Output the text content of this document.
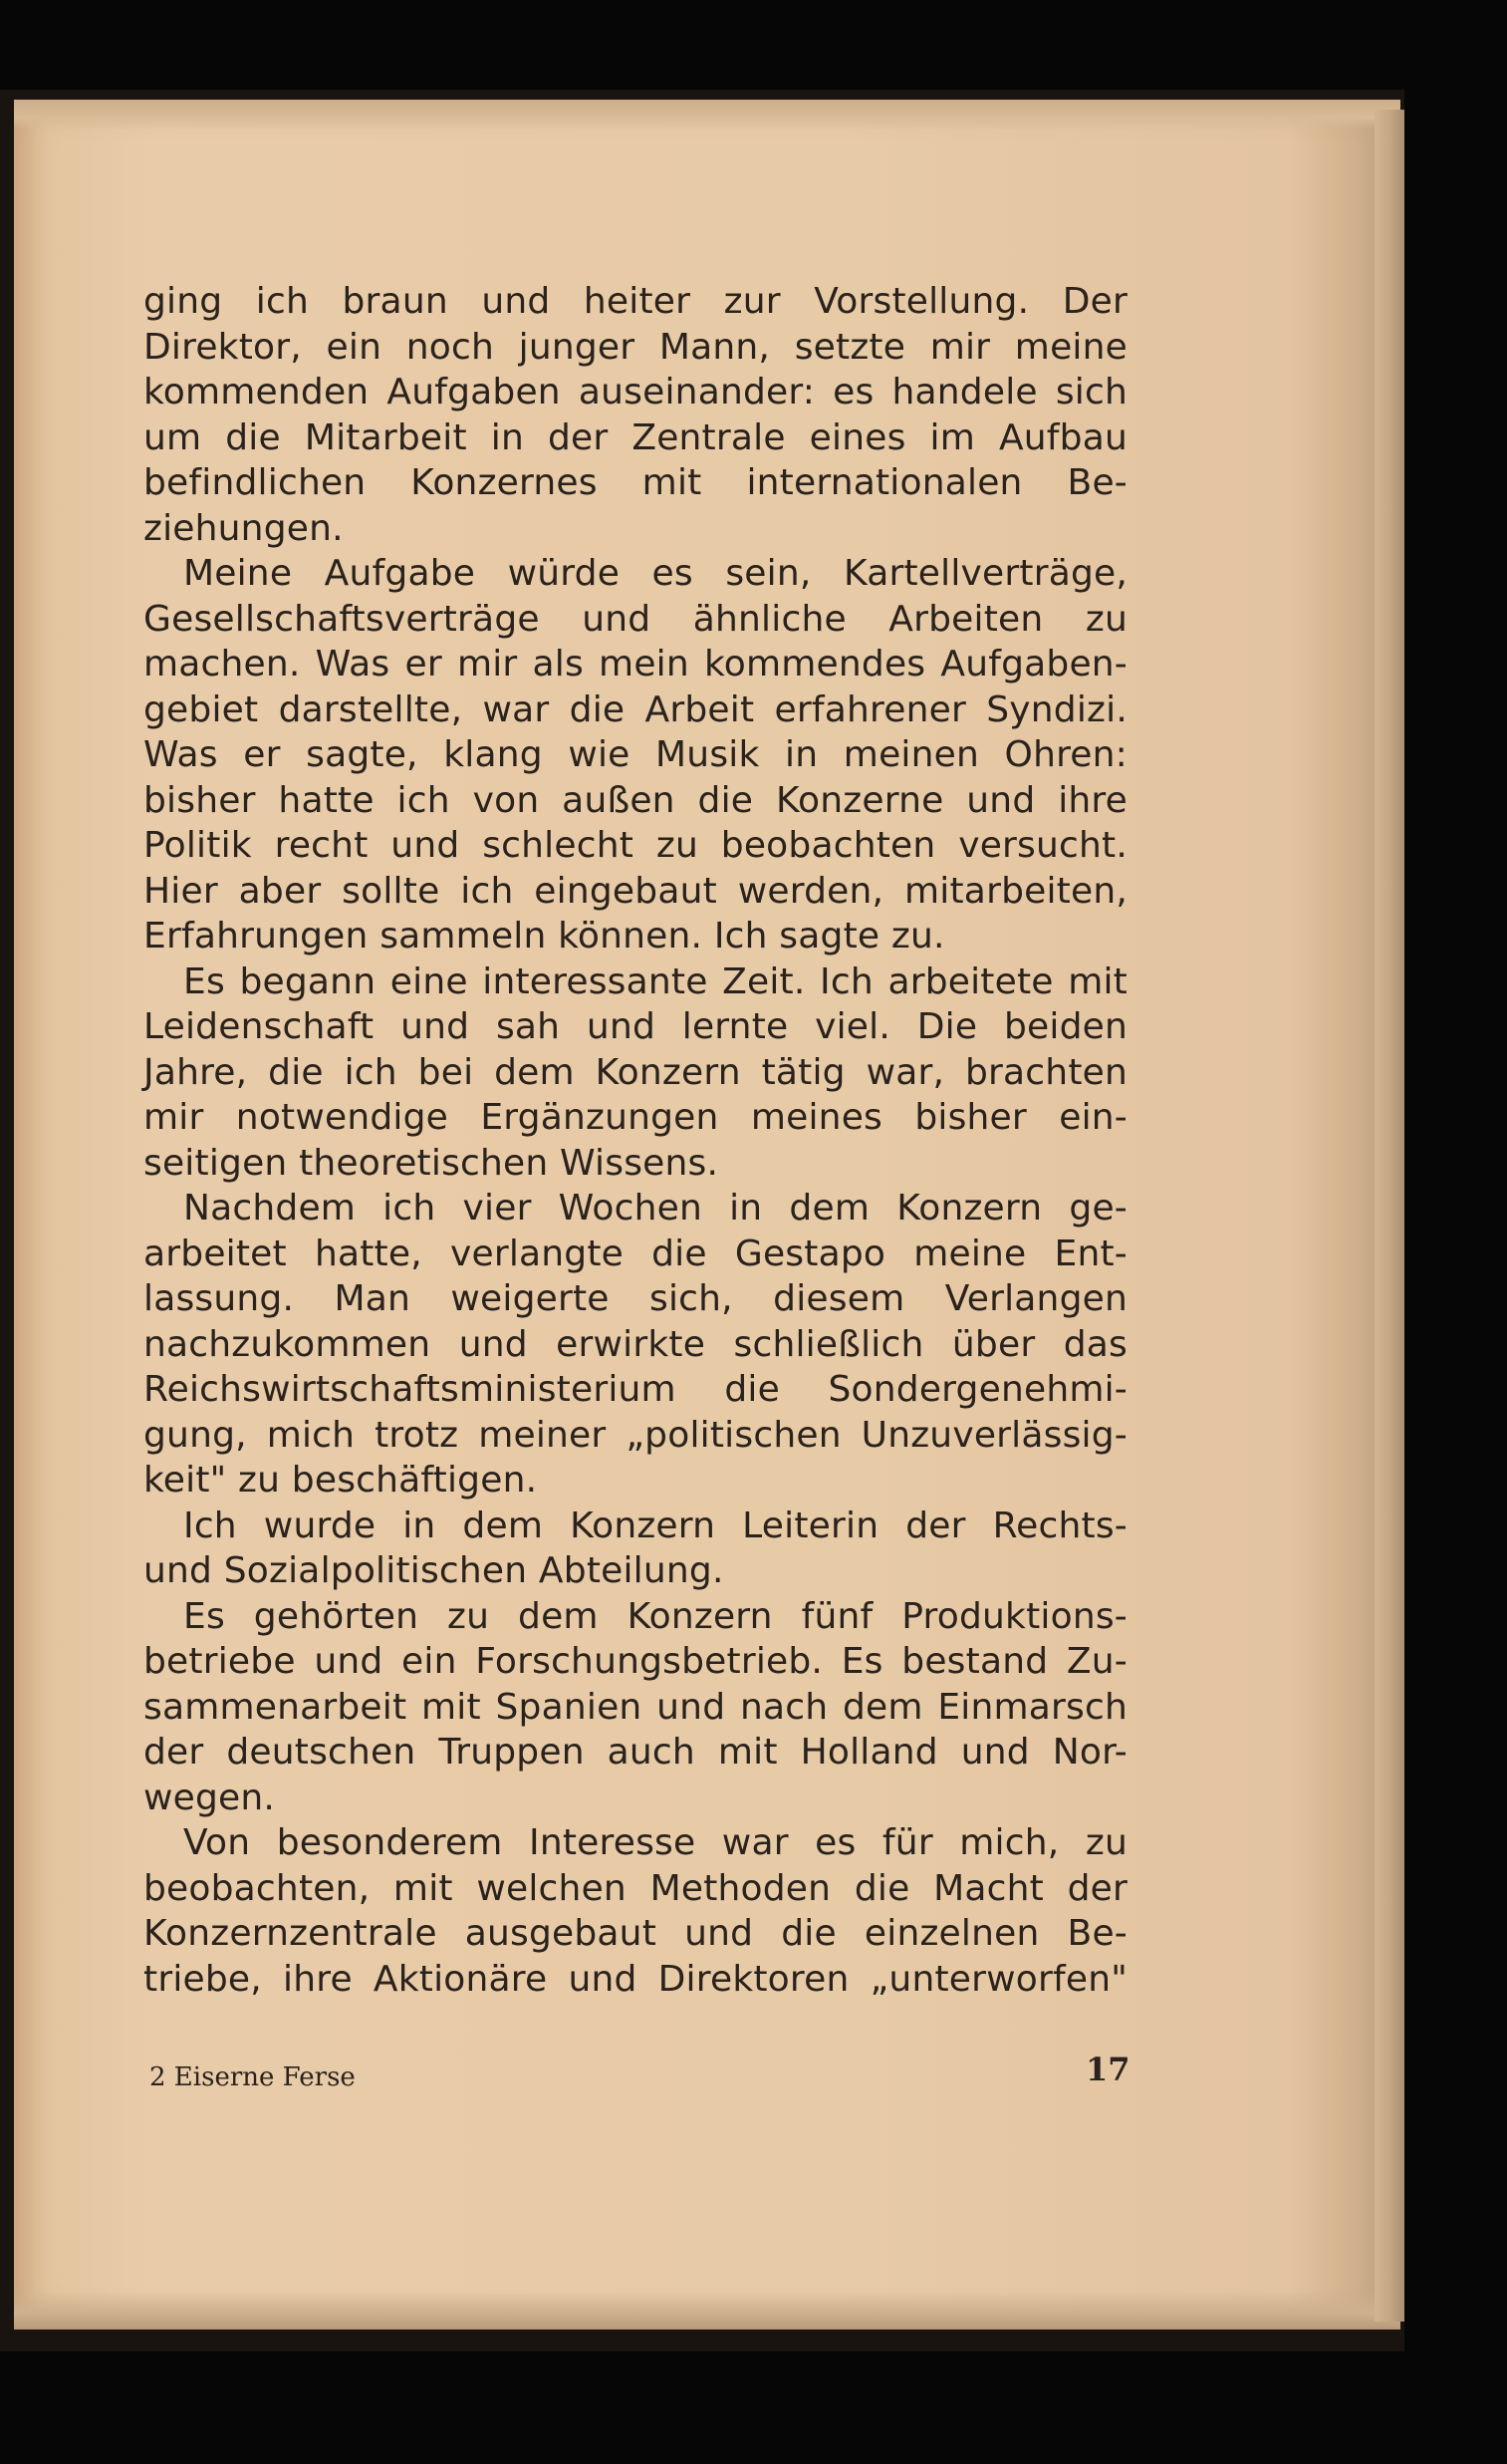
ging ich braun und heiter zur Vorstellung. Der
Direktor, ein noch junger Mann, setzte mir meine
kommenden Aufgaben auseinander: es handele sich
um die Mitarbeit in der Zentrale eines im Aufbau
befindlichen Konzernes mit internationalen Be-
ziehungen.
Meine Aufgabe würde es sein, Kartellverträge,
Gesellschaftsverträge und ähnliche Arbeiten zu
machen. Was er mir als mein kommendes Aufgaben-
gebiet darstellte, war die Arbeit erfahrener Syndizi.
Was er sagte, klang wie Musik in meinen Ohren:
bisher hatte ich von außen die Konzerne und ihre
Politik recht und schlecht zu beobachten versucht.
Hier aber sollte ich eingebaut werden, mitarbeiten,
Erfahrungen sammeln können. Ich sagte zu.
Es begann eine interessante Zeit. Ich arbeitete mit
Leidenschaft und sah und lernte viel. Die beiden
Jahre, die ich bei dem Konzern tätig war, brachten
mir notwendige Ergänzungen meines bisher ein-
seitigen theoretischen Wissens.
Nachdem ich vier Wochen in dem Konzern ge-
arbeitet hatte, verlangte die Gestapo meine Ent-
lassung. Man weigerte sich, diesem Verlangen
nachzukommen und erwirkte schließlich über das
Reichswirtschaftsministerium die Sondergenehmi-
gung, mich trotz meiner „politischen Unzuverlässig-
keit" zu beschäftigen.
Ich wurde in dem Konzern Leiterin der Rechts-
und Sozialpolitischen Abteilung.
Es gehörten zu dem Konzern fünf Produktions-
betriebe und ein Forschungsbetrieb. Es bestand Zu-
sammenarbeit mit Spanien und nach dem Einmarsch
der deutschen Truppen auch mit Holland und Nor-
wegen.
Von besonderem Interesse war es für mich, zu
beobachten, mit welchen Methoden die Macht der
Konzernzentrale ausgebaut und die einzelnen Be-
triebe, ihre Aktionäre und Direktoren „unterworfen"
2 Eiserne Ferse	17
